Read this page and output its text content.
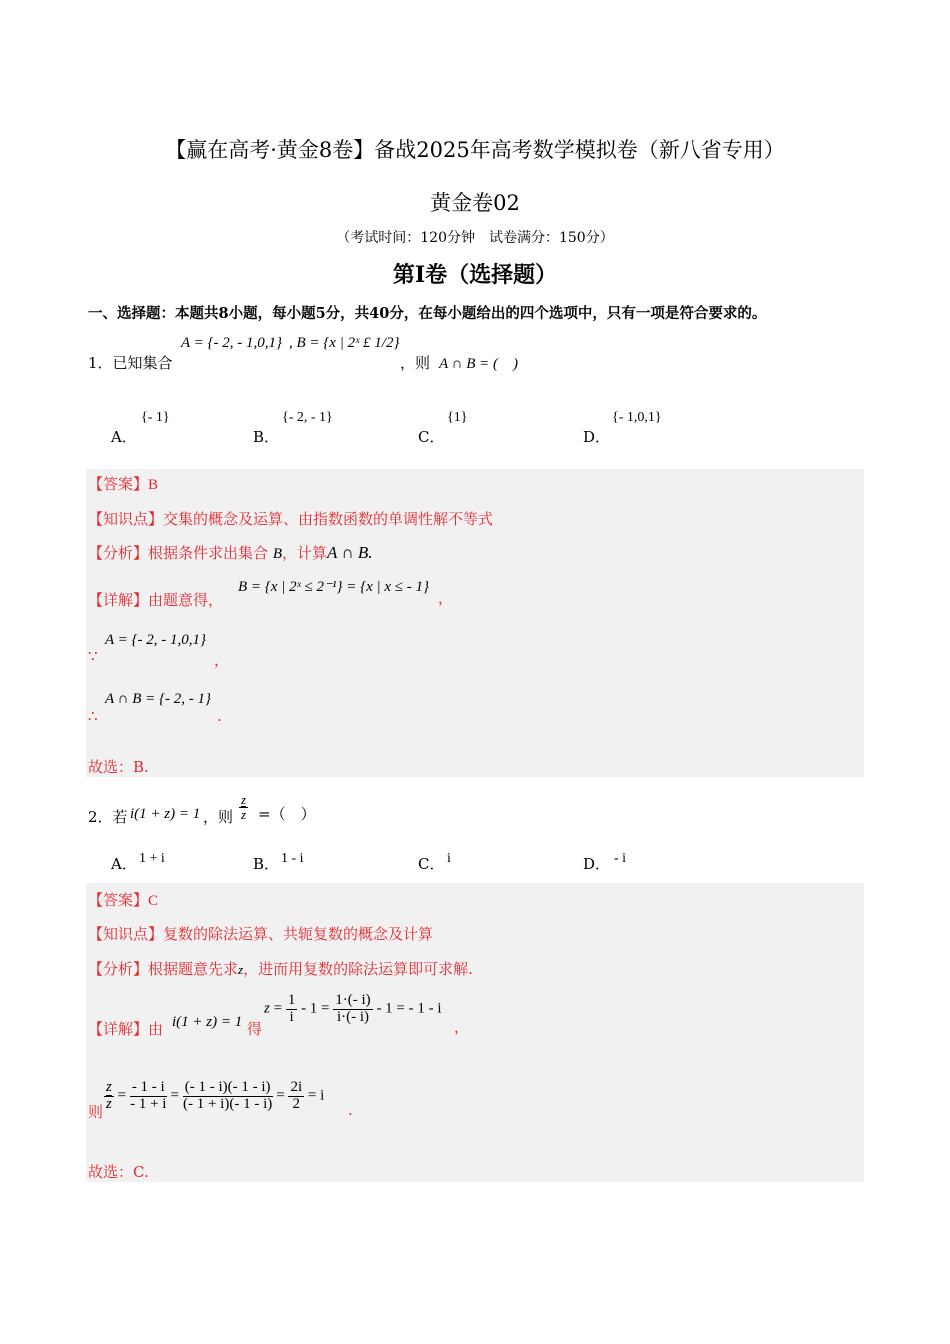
【赢在高考·黄金8卷】备战2025年高考数学模拟卷（新八省专用）
黄金卷02
（考试时间：120分钟　试卷满分：150分）
第I卷（选择题）
一、选择题：本题共8小题，每小题5分，共40分，在每小题给出的四个选项中，只有一项是符合要求的。
1．已知集合
A = {- 2, - 1,0,1} , B = {x | 2ˣ £ 1/2}
，则 A ∩ B = (　)
A．
{- 1}
B．
{- 2, - 1}
C．
{1}
D．
{- 1,0,1}
【答案】B
【知识点】交集的概念及运算、由指数函数的单调性解不等式
【分析】根据条件求出集合 B，计算A ∩ B.
【详解】由题意得，
B = {x | 2ˣ ≤ 2⁻¹} = {x | x ≤ - 1}
，
∵
A = {- 2, - 1,0,1}
，
∴
A ∩ B = {- 2, - 1}
.
故选：B.
2．若 i(1 + z) = 1 ，则 $\frac{z}{z}$ =（　）
A． 1 + i	B． 1 - i	C． i	D． - i
【答案】C
【知识点】复数的除法运算、共轭复数的概念及计算
【分析】根据题意先求z，进而用复数的除法运算即可求解.
【详解】由 i(1 + z) = 1 得
$z = \frac{1}{i} - 1 = \frac{1\cdot(- i)}{i\cdot(- i)} - 1$ = - 1 - i
，
则 $\frac{z}{z} = \frac{- 1 - i}{- 1 + i} = \frac{(- 1 - i)(- 1 - i)}{(- 1 + i)(- 1 - i)} = \frac{2i}{2} = i$
.
故选：C.
